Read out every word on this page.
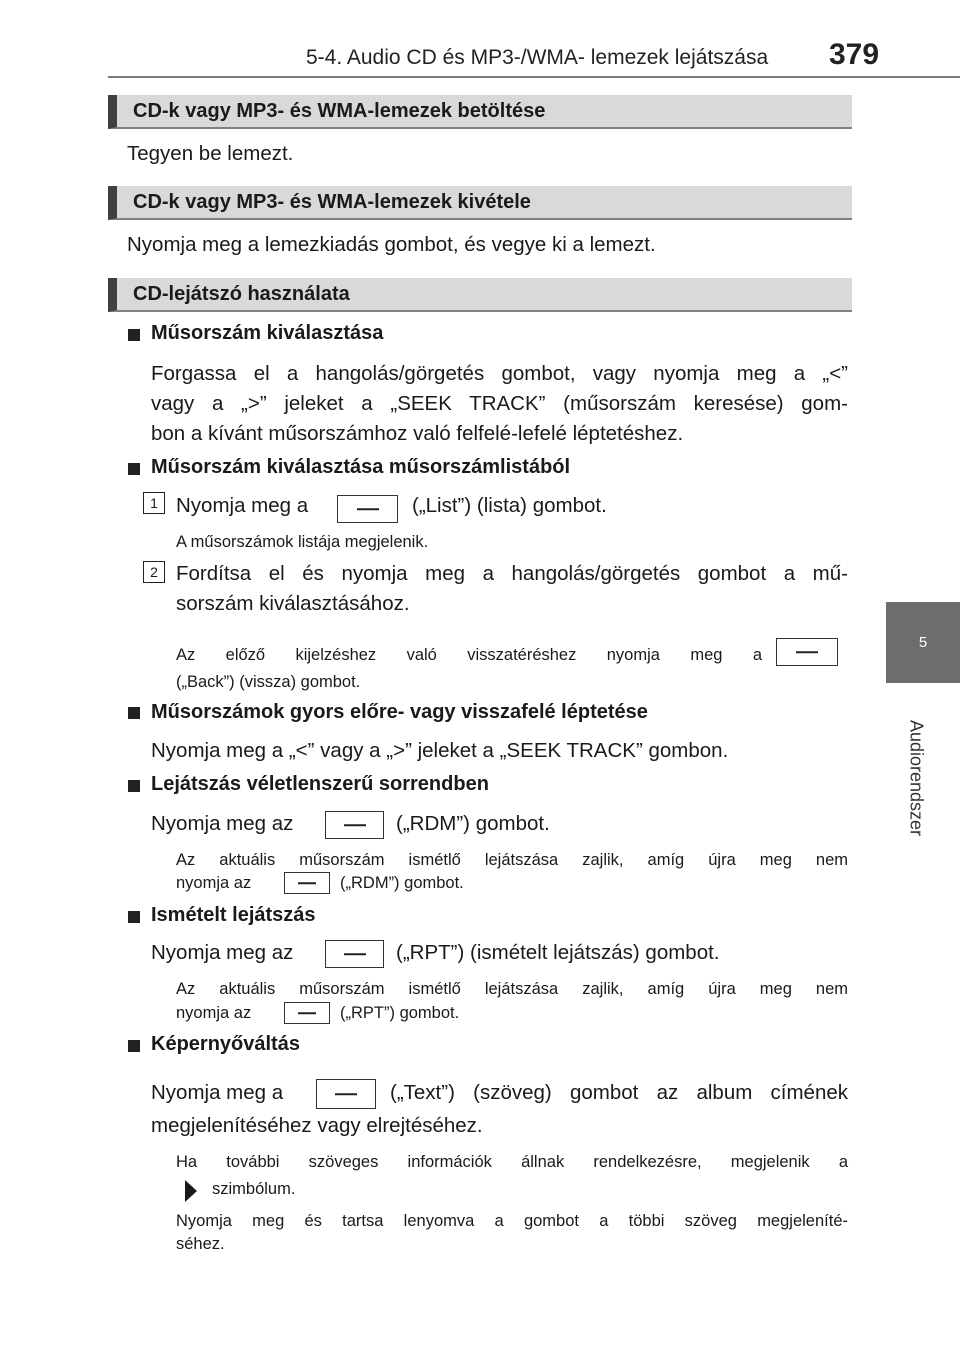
5-4. Audio CD és MP3-/WMA- lemezek lejátszása 379
5
Audiorendszer
CD-k vagy MP3- és WMA-lemezek betöltése
Tegyen be lemezt.
CD-k vagy MP3- és WMA-lemezek kivétele
Nyomja meg a lemezkiadás gombot, és vegye ki a lemezt.
CD-lejátszó használata
Műsorszám kiválasztása
Forgassa el a hangolás/görgetés gombot, vagy nyomja meg a „<”
vagy a „>” jeleket a „SEEK TRACK” (műsorszám keresése) gom-
bon a kívánt műsorszámhoz való felfelé-lefelé léptetéshez.
Műsorszám kiválasztása műsorszámlistából
1 Nyomja meg a	(„List”) (lista) gombot.
A műsorszámok listája megjelenik.
2 Fordítsa el és nyomja meg a hangolás/görgetés gombot a mű-
sorszám kiválasztásához.
Az előző kijelzéshez való visszatéréshez nyomja meg a
(„Back”) (vissza) gombot.
Műsorszámok gyors előre- vagy visszafelé léptetése
Nyomja meg a „<” vagy a „>” jeleket a „SEEK TRACK” gombon.
Lejátszás véletlenszerű sorrendben
Nyomja meg az	(„RDM”) gombot.
Az aktuális műsorszám ismétlő lejátszása zajlik, amíg újra meg nem
nyomja az	(„RDM”) gombot.
Ismételt lejátszás
Nyomja meg az	(„RPT”) (ismételt lejátszás) gombot.
Az aktuális műsorszám ismétlő lejátszása zajlik, amíg újra meg nem
nyomja az	(„RPT”) gombot.
Képernyőváltás
Nyomja meg a	(„Text”) (szöveg) gombot az album címének
megjelenítéséhez vagy elrejtéséhez.
Ha további szöveges információk állnak rendelkezésre, megjelenik a
szimbólum.
Nyomja meg és tartsa lenyomva a gombot a többi szöveg megjeleníté-
séhez.
